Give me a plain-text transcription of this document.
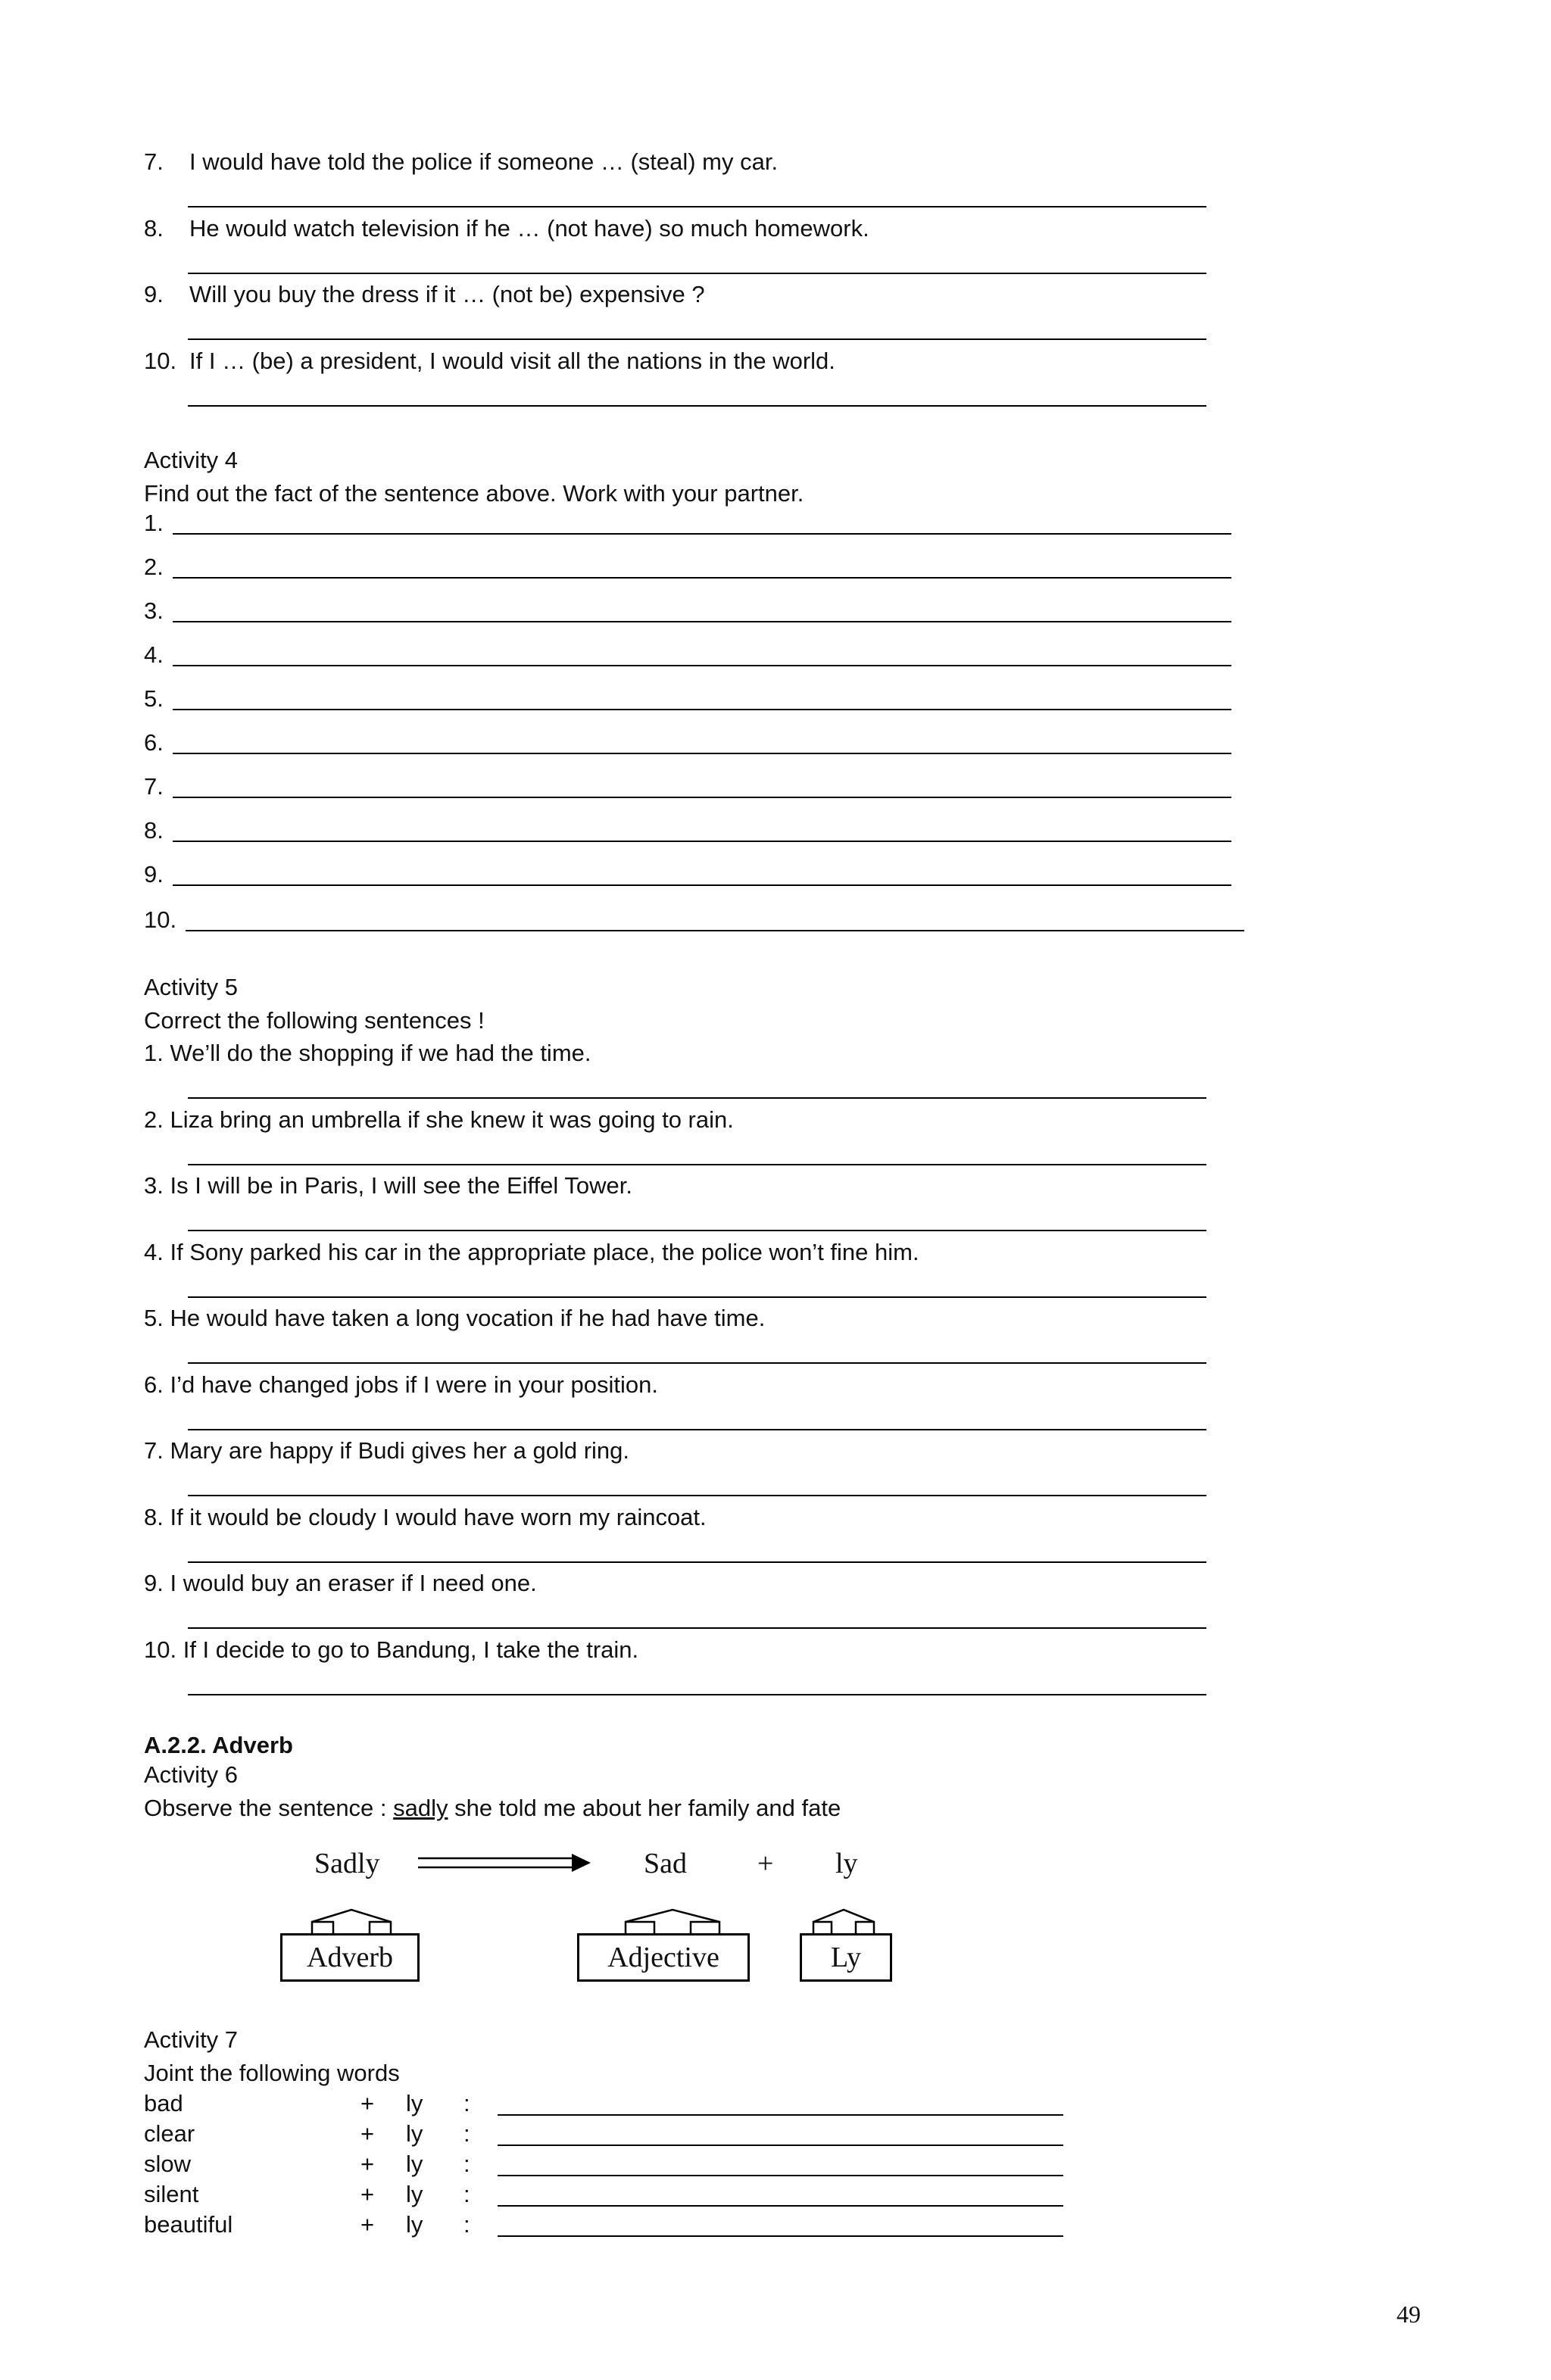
7. I would have told the police if someone … (steal) my car.
8. He would watch television if he … (not have) so much homework.
9. Will you buy the dress if it … (not be) expensive ?
10. If I … (be) a president, I would visit all the nations in the world.
Activity 4
Find out the fact of the sentence above. Work with your partner.
1.
2.
3.
4.
5.
6.
7.
8.
9.
10.
Activity 5
Correct the following sentences !
1. We’ll do the shopping if we had the time.
2. Liza bring an umbrella if she knew it was going to rain.
3. Is I will be in Paris, I will see the Eiffel Tower.
4. If Sony parked his car in the appropriate place, the police won’t fine him.
5. He would have taken a long vocation if he had have time.
6. I’d have changed jobs if I were in your position.
7. Mary are happy if Budi gives her a gold ring.
8. If it would be cloudy I would have worn my raincoat.
9. I would buy an eraser if I need one.
10. If I decide to go to Bandung, I take the train.
A.2.2. Adverb
Activity 6
Observe the sentence : sadly she told me about her family and fate
Sadly	Sad + ly
Adverb	Adjective	Ly
Activity 7
Joint the following words
bad	+ ly :
clear	+ ly :
slow	+ ly :
silent	+ ly :
beautiful	+ ly :
49
